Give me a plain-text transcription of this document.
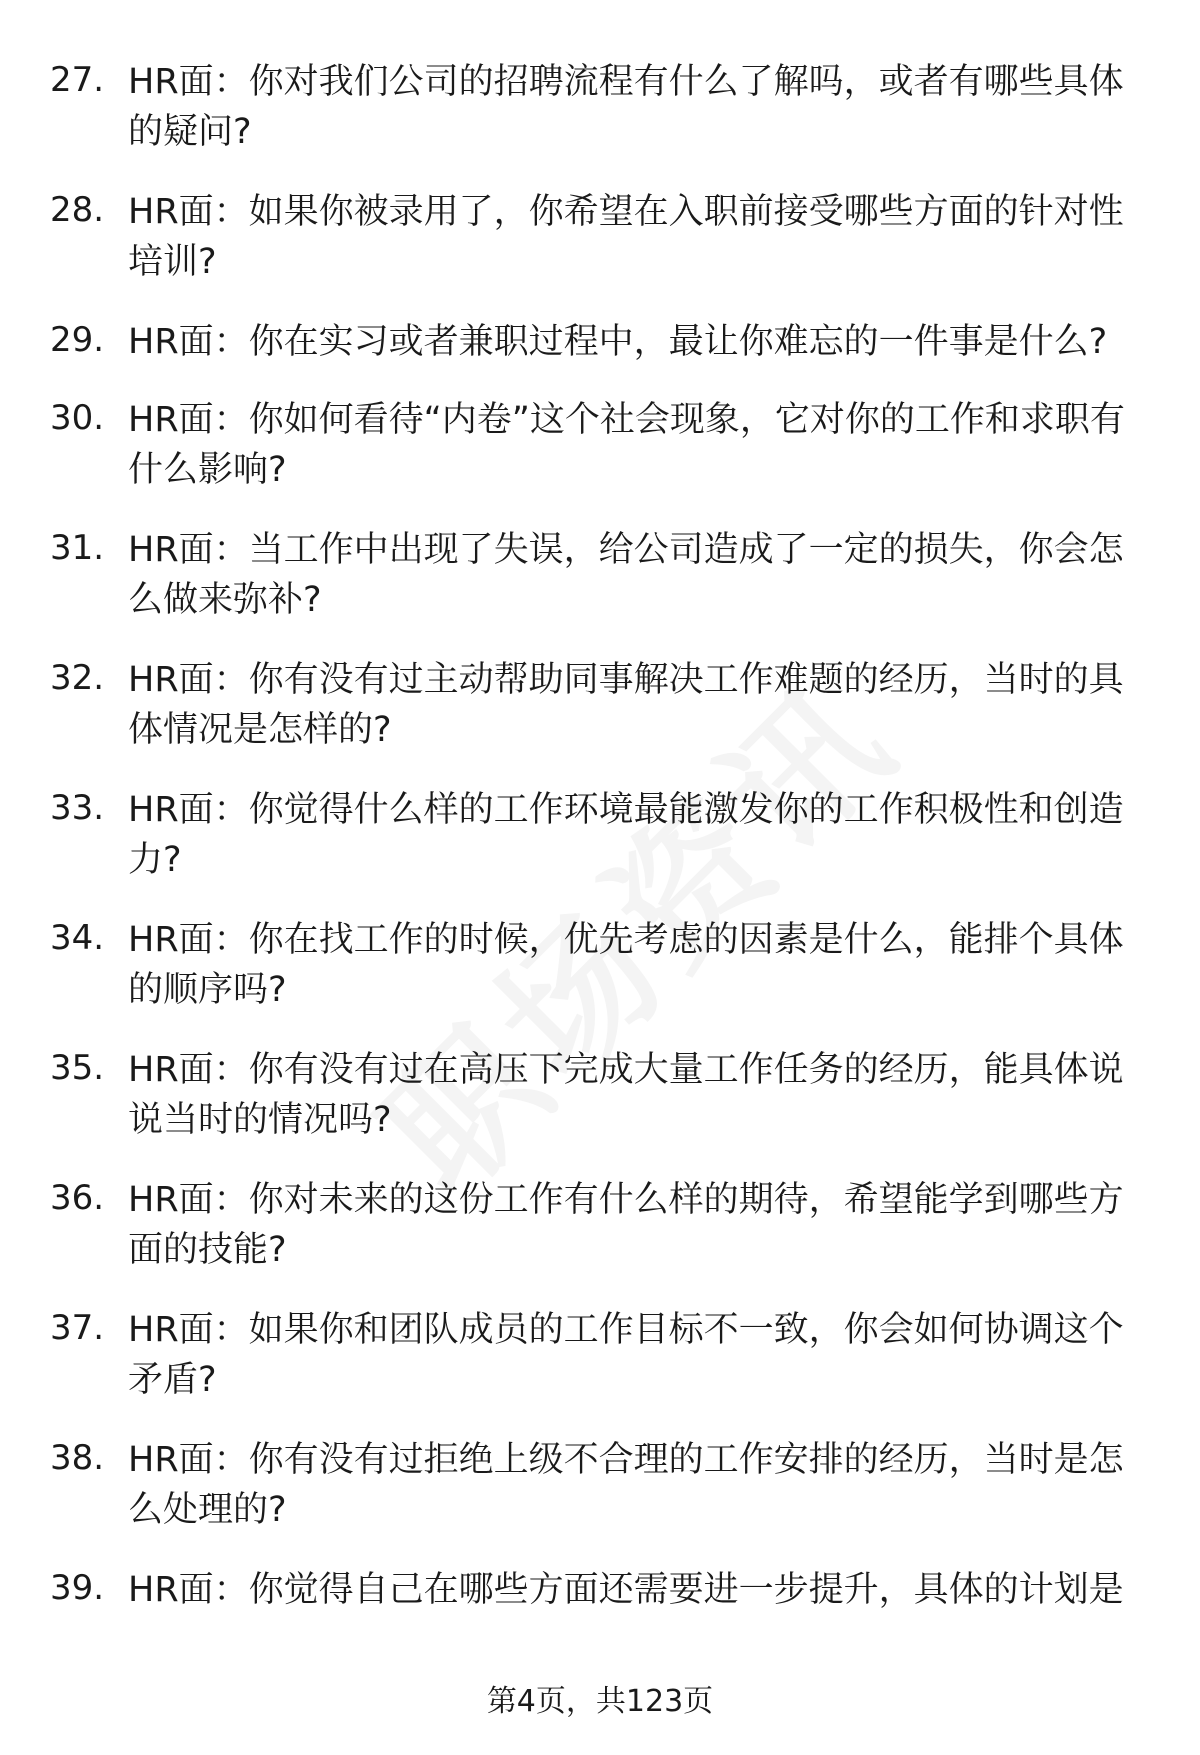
27. HR面：你对我们公司的招聘流程有什么了解吗，或者有哪些具体的疑问?
28. HR面：如果你被录用了，你希望在入职前接受哪些方面的针对性培训?
29. HR面：你在实习或者兼职过程中，最让你难忘的一件事是什么?
30. HR面：你如何看待“内卷”这个社会现象，它对你的工作和求职有什么影响?
31. HR面：当工作中出现了失误，给公司造成了一定的损失，你会怎么做来弥补?
32. HR面：你有没有过主动帮助同事解决工作难题的经历，当时的具体情况是怎样的?
33. HR面：你觉得什么样的工作环境最能激发你的工作积极性和创造力?
34. HR面：你在找工作的时候，优先考虑的因素是什么，能排个具体的顺序吗?
35. HR面：你有没有过在高压下完成大量工作任务的经历，能具体说说当时的情况吗?
36. HR面：你对未来的这份工作有什么样的期待，希望能学到哪些方面的技能?
37. HR面：如果你和团队成员的工作目标不一致，你会如何协调这个矛盾?
38. HR面：你有没有过拒绝上级不合理的工作安排的经历，当时是怎么处理的?
39. HR面：你觉得自己在哪些方面还需要进一步提升，具体的计划是
第4页，共123页
